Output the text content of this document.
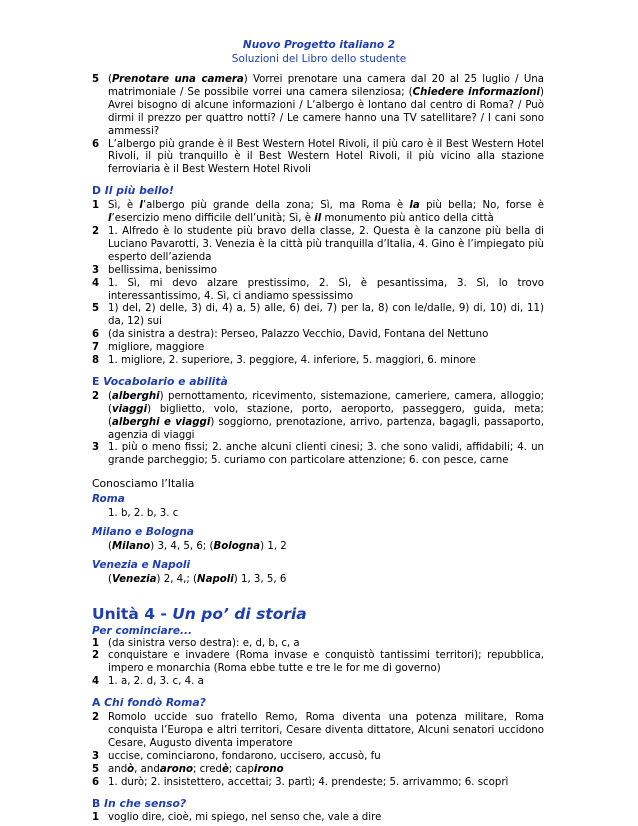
Nuovo Progetto italiano 2
Soluzioni del Libro dello studente
5 (Prenotare una camera) Vorrei prenotare una camera dal 20 al 25 luglio / Una matrimoniale / Se possibile vorrei una camera silenziosa; (Chiedere informazioni) Avrei bisogno di alcune informazioni / L’albergo è lontano dal centro di Roma? / Può dirmi il prezzo per quattro notti? / Le camere hanno una TV satellitare? / I cani sono ammessi?
6 L’albergo più grande è il Best Western Hotel Rivoli, il più caro è il Best Western Hotel Rivoli, il più tranquillo è il Best Western Hotel Rivoli, il più vicino alla stazione ferroviaria è il Best Western Hotel Rivoli
D Il più bello!
1 Sì, è l’albergo più grande della zona; Sì, ma Roma è la più bella; No, forse è l’esercizio meno difficile dell’unità; Sì, è il monumento più antico della città
2 1. Alfredo è lo studente più bravo della classe, 2. Questa è la canzone più bella di Luciano Pavarotti, 3. Venezia è la città più tranquilla d’Italia, 4. Gino è l’impiegato più esperto dell’azienda
3 bellissima, benissimo
4 1. Sì, mi devo alzare prestissimo, 2. Sì, è pesantissima, 3. Sì, lo trovo interessantissimo, 4. Sì, ci andiamo spessissimo
5 1) del, 2) delle, 3) di, 4) a, 5) alle, 6) dei, 7) per la, 8) con le/dalle, 9) di, 10) di, 11) da, 12) sui
6 (da sinistra a destra): Perseo, Palazzo Vecchio, David, Fontana del Nettuno
7 migliore, maggiore
8 1. migliore, 2. superiore, 3. peggiore, 4. inferiore, 5. maggiori, 6. minore
E Vocabolario e abilità
2 (alberghi) pernottamento, ricevimento, sistemazione, cameriere, camera, alloggio; (viaggi) biglietto, volo, stazione, porto, aeroporto, passeggero, guida, meta; (alberghi e viaggi) soggiorno, prenotazione, arrivo, partenza, bagagli, passaporto, agenzia di viaggi
3 1. più o meno fissi; 2. anche alcuni clienti cinesi; 3. che sono validi, affidabili; 4. un grande parcheggio; 5. curiamo con particolare attenzione; 6. con pesce, carne
Conosciamo l’Italia
Roma
1. b, 2. b, 3. c
Milano e Bologna
(Milano) 3, 4, 5, 6; (Bologna) 1, 2
Venezia e Napoli
(Venezia) 2, 4,; (Napoli) 1, 3, 5, 6
Unità 4 - Un po’ di storia
Per cominciare...
1 (da sinistra verso destra): e, d, b, c, a
2 conquistare e invadere (Roma invase e conquistò tantissimi territori); repubblica, impero e monarchia (Roma ebbe tutte e tre le for me di governo)
4 1. a, 2. d, 3. c, 4. a
A Chi fondò Roma?
2 Romolo uccide suo fratello Remo, Roma diventa una potenza militare, Roma conquista l’Europa e altri territori, Cesare diventa dittatore, Alcuni senatori uccidono Cesare, Augusto diventa imperatore
3 uccise, cominciarono, fondarono, uccisero, accusò, fu
5 andò, andarono; credè; capirono
6 1. durò; 2. insistettero, accettai; 3. partì; 4. prendeste; 5. arrivammo; 6. scoprì
B In che senso?
1 voglio dire, cioè, mi spiego, nel senso che, vale a dire
